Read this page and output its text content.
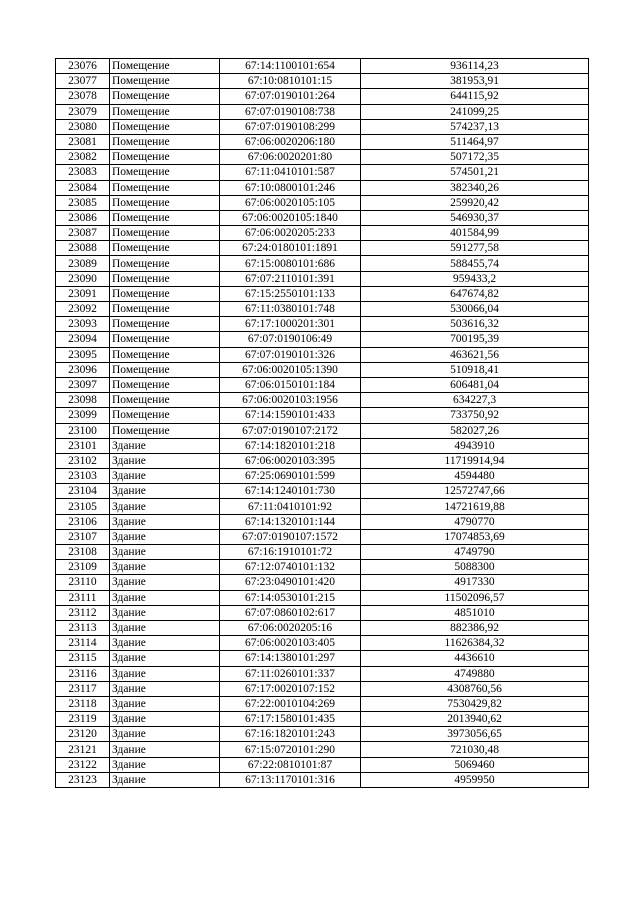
23076	Помещение	67:14:1100101:654	936114,23
23077	Помещение	67:10:0810101:15	381953,91
23078	Помещение	67:07:0190101:264	644115,92
23079	Помещение	67:07:0190108:738	241099,25
23080	Помещение	67:07:0190108:299	574237,13
23081	Помещение	67:06:0020206:180	511464,97
23082	Помещение	67:06:0020201:80	507172,35
23083	Помещение	67:11:0410101:587	574501,21
23084	Помещение	67:10:0800101:246	382340,26
23085	Помещение	67:06:0020105:105	259920,42
23086	Помещение	67:06:0020105:1840	546930,37
23087	Помещение	67:06:0020205:233	401584,99
23088	Помещение	67:24:0180101:1891	591277,58
23089	Помещение	67:15:0080101:686	588455,74
23090	Помещение	67:07:2110101:391	959433,2
23091	Помещение	67:15:2550101:133	647674,82
23092	Помещение	67:11:0380101:748	530066,04
23093	Помещение	67:17:1000201:301	503616,32
23094	Помещение	67:07:0190106:49	700195,39
23095	Помещение	67:07:0190101:326	463621,56
23096	Помещение	67:06:0020105:1390	510918,41
23097	Помещение	67:06:0150101:184	606481,04
23098	Помещение	67:06:0020103:1956	634227,3
23099	Помещение	67:14:1590101:433	733750,92
23100	Помещение	67:07:0190107:2172	582027,26
23101	Здание	67:14:1820101:218	4943910
23102	Здание	67:06:0020103:395	11719914,94
23103	Здание	67:25:0690101:599	4594480
23104	Здание	67:14:1240101:730	12572747,66
23105	Здание	67:11:0410101:92	14721619,88
23106	Здание	67:14:1320101:144	4790770
23107	Здание	67:07:0190107:1572	17074853,69
23108	Здание	67:16:1910101:72	4749790
23109	Здание	67:12:0740101:132	5088300
23110	Здание	67:23:0490101:420	4917330
23111	Здание	67:14:0530101:215	11502096,57
23112	Здание	67:07:0860102:617	4851010
23113	Здание	67:06:0020205:16	882386,92
23114	Здание	67:06:0020103:405	11626384,32
23115	Здание	67:14:1380101:297	4436610
23116	Здание	67:11:0260101:337	4749880
23117	Здание	67:17:0020107:152	4308760,56
23118	Здание	67:22:0010104:269	7530429,82
23119	Здание	67:17:1580101:435	2013940,62
23120	Здание	67:16:1820101:243	3973056,65
23121	Здание	67:15:0720101:290	721030,48
23122	Здание	67:22:0810101:87	5069460
23123	Здание	67:13:1170101:316	4959950
